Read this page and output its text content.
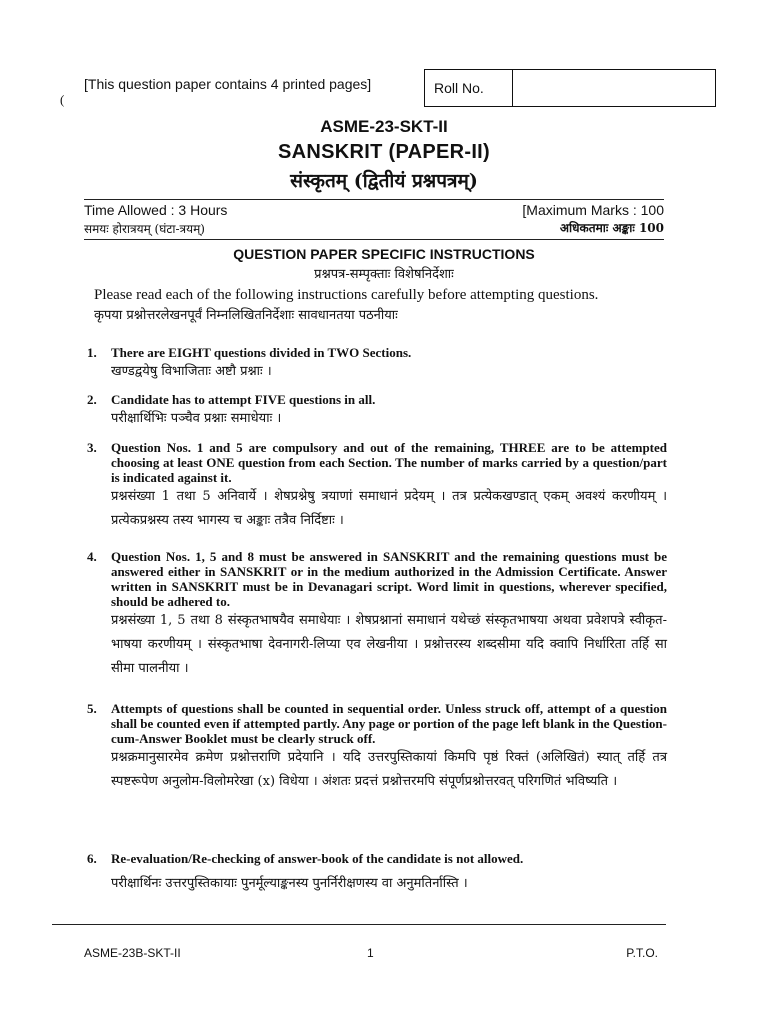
(
[This question paper contains 4 printed pages]	Roll No.
ASME-23-SKT-II
SANSKRIT (PAPER-II)
संस्कृतम् (द्वितीयं प्रश्नपत्रम्)
Time Allowed : 3 Hours
समयः होरात्रयम् (घंटा-त्रयम्)
[Maximum Marks : 100
अधिकतमाः अङ्काः 100
QUESTION PAPER SPECIFIC INSTRUCTIONS
प्रश्नपत्र-सम्पृक्ताः विशेषनिर्देशाः
Please read each of the following instructions carefully before attempting questions.
कृपया प्रश्नोत्तरलेखनपूर्वं निम्नलिखितनिर्देशाः सावधानतया पठनीयाः
1. There are EIGHT questions divided in TWO Sections.
खण्डद्वयेषु विभाजिताः अष्टौ प्रश्नाः ।
2. Candidate has to attempt FIVE questions in all.
परीक्षार्थिभिः पञ्चैव प्रश्नाः समाधेयाः ।
3. Question Nos. 1 and 5 are compulsory and out of the remaining, THREE are to be attempted choosing at least ONE question from each Section. The number of marks carried by a question/part is indicated against it.
प्रश्नसंख्या 1 तथा 5 अनिवार्ये । शेषप्रश्नेषु त्रयाणां समाधानं प्रदेयम् । तत्र प्रत्येकखण्डात् एकम् अवश्यं करणीयम् । प्रत्येकप्रश्नस्य तस्य भागस्य च अङ्काः तत्रैव निर्दिष्टाः ।
4. Question Nos. 1, 5 and 8 must be answered in SANSKRIT and the remaining questions must be answered either in SANSKRIT or in the medium authorized in the Admission Certificate. Answer written in SANSKRIT must be in Devanagari script. Word limit in questions, wherever specified, should be adhered to.
प्रश्नसंख्या 1, 5 तथा 8 संस्कृतभाषयैव समाधेयाः । शेषप्रश्नानां समाधानं यथेच्छं संस्कृतभाषया अथवा प्रवेशपत्रे स्वीकृत-भाषया करणीयम् । संस्कृतभाषा देवनागरी-लिप्या एव लेखनीया । प्रश्नोत्तरस्य शब्दसीमा यदि क्वापि निर्धारिता तर्हि सा सीमा पालनीया ।
5. Attempts of questions shall be counted in sequential order. Unless struck off, attempt of a question shall be counted even if attempted partly. Any page or portion of the page left blank in the Question-cum-Answer Booklet must be clearly struck off.
प्रश्नक्रमानुसारमेव क्रमेण प्रश्नोत्तराणि प्रदेयानि । यदि उत्तरपुस्तिकायां किमपि पृष्ठं रिक्तं (अलिखितं) स्यात् तर्हि तत्र स्पष्टरूपेण अनुलोम-विलोमरेखा (x) विधेया । अंशतः प्रदत्तं प्रश्नोत्तरमपि संपूर्णप्रश्नोत्तरवत् परिगणितं भविष्यति ।
6. Re-evaluation/Re-checking of answer-book of the candidate is not allowed.
परीक्षार्थिनः उत्तरपुस्तिकायाः पुनर्मूल्याङ्कनस्य पुनर्निरीक्षणस्य वा अनुमतिर्नास्ति ।
ASME-23B-SKT-II	1	P.T.O.
